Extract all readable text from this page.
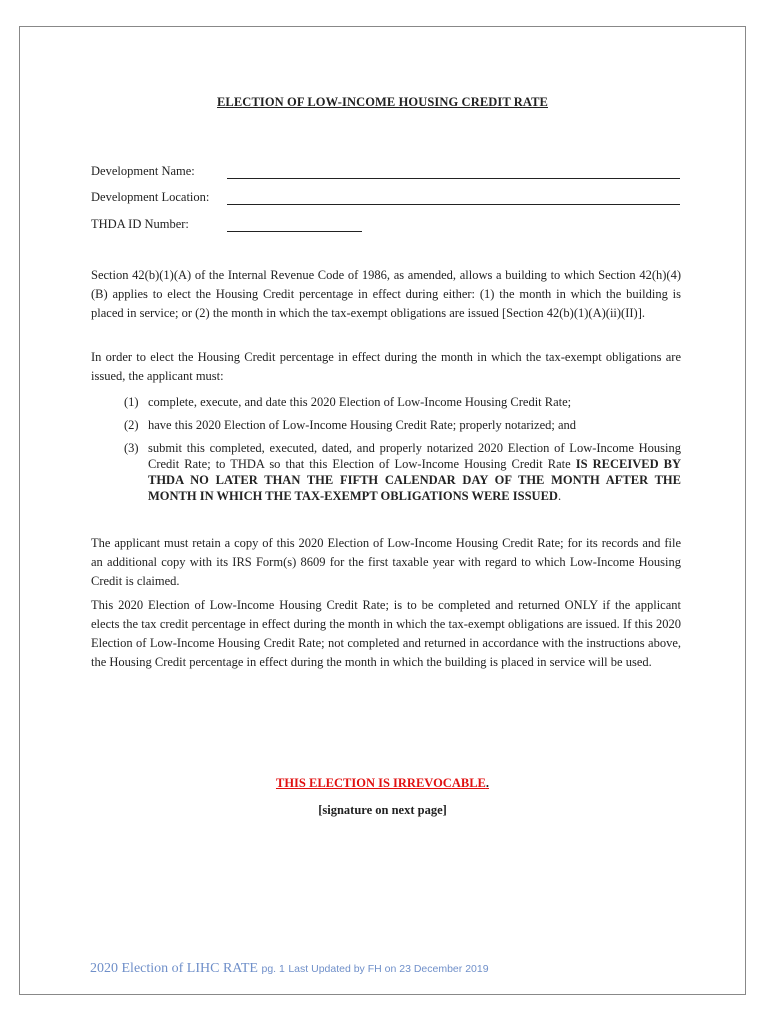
ELECTION OF LOW-INCOME HOUSING CREDIT RATE
Development Name:
Development Location:
THDA ID Number:
Section 42(b)(1)(A) of the Internal Revenue Code of 1986, as amended, allows a building to which Section 42(h)(4)(B) applies to elect the Housing Credit percentage in effect during either: (1) the month in which the building is placed in service; or (2) the month in which the tax-exempt obligations are issued [Section 42(b)(1)(A)(ii)(II)].
In order to elect the Housing Credit percentage in effect during the month in which the tax-exempt obligations are issued, the applicant must:
(1) complete, execute, and date this 2020 Election of Low-Income Housing Credit Rate;
(2) have this 2020 Election of Low-Income Housing Credit Rate; properly notarized; and
(3) submit this completed, executed, dated, and properly notarized 2020 Election of Low-Income Housing Credit Rate; to THDA so that this Election of Low-Income Housing Credit Rate IS RECEIVED BY THDA NO LATER THAN THE FIFTH CALENDAR DAY OF THE MONTH AFTER THE MONTH IN WHICH THE TAX-EXEMPT OBLIGATIONS WERE ISSUED.
The applicant must retain a copy of this 2020 Election of Low-Income Housing Credit Rate; for its records and file an additional copy with its IRS Form(s) 8609 for the first taxable year with regard to which Low-Income Housing Credit is claimed.
This 2020 Election of Low-Income Housing Credit Rate; is to be completed and returned ONLY if the applicant elects the tax credit percentage in effect during the month in which the tax-exempt obligations are issued. If this 2020 Election of Low-Income Housing Credit Rate; not completed and returned in accordance with the instructions above, the Housing Credit percentage in effect during the month in which the building is placed in service will be used.
THIS ELECTION IS IRREVOCABLE.
[signature on next page]
2020 Election of LIHC RATE pg. 1 Last Updated by FH on 23 December 2019
